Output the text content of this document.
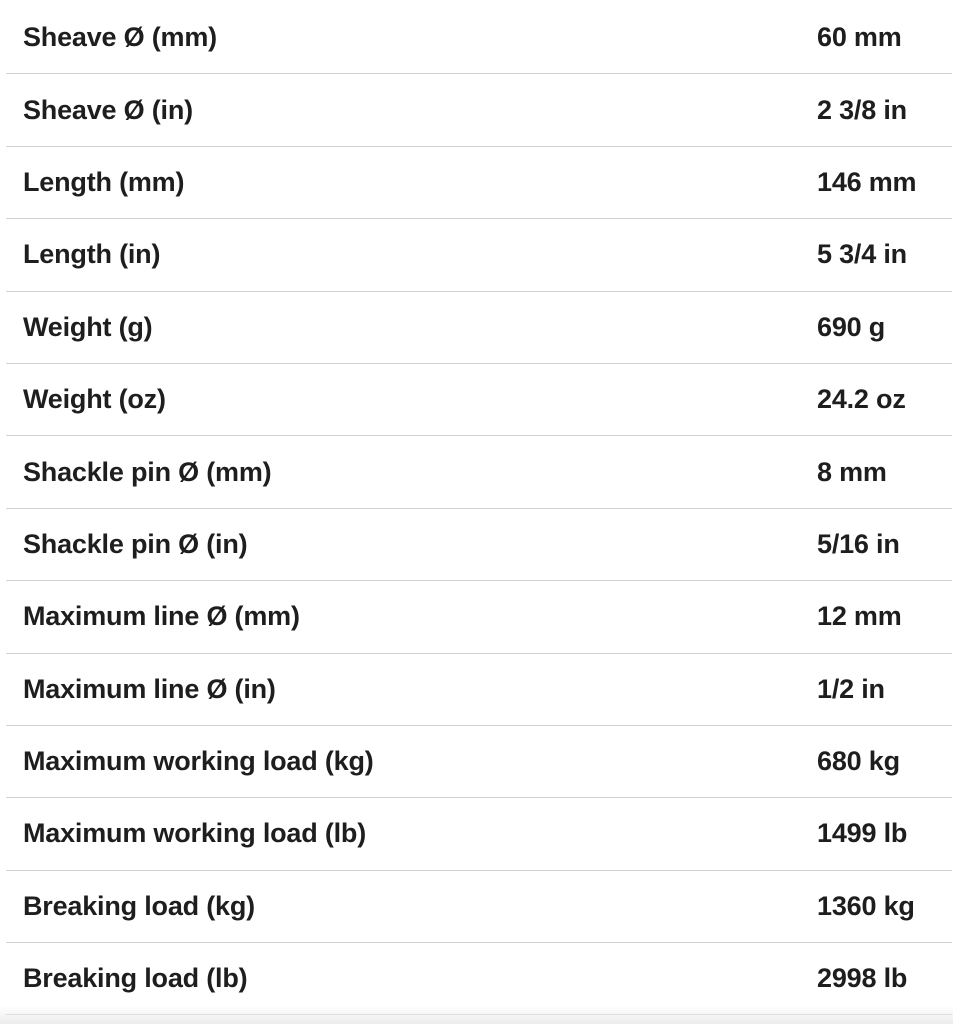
Sheave Ø (mm)	60 mm
Sheave Ø (in)	2 3/8 in
Length (mm)	146 mm
Length (in)	5 3/4 in
Weight (g)	690 g
Weight (oz)	24.2 oz
Shackle pin Ø (mm)	8 mm
Shackle pin Ø (in)	5/16 in
Maximum line Ø (mm)	12 mm
Maximum line Ø (in)	1/2 in
Maximum working load (kg)	680 kg
Maximum working load (lb)	1499 lb
Breaking load (kg)	1360 kg
Breaking load (lb)	2998 lb
